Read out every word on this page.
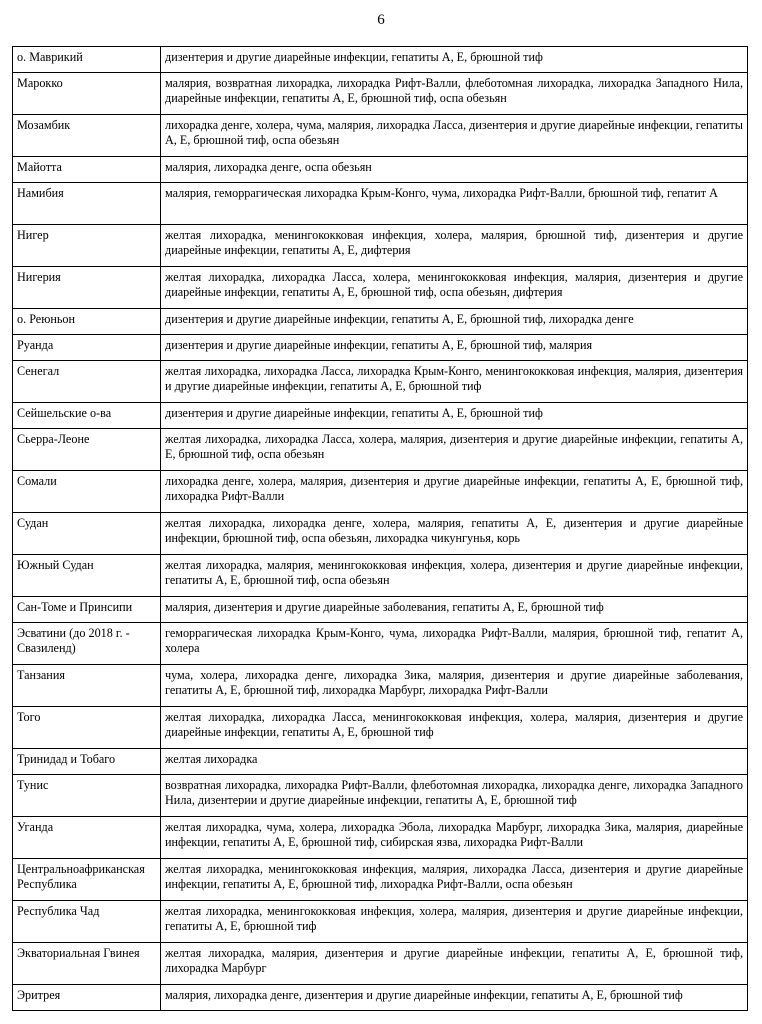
6
о. Маврикий	дизентерия и другие диарейные инфекции, гепатиты А, Е, брюшной тиф
Марокко	малярия, возвратная лихорадка, лихорадка Рифт-Валли, флеботомная лихорадка, лихорадка Западного Нила, диарейные инфекции, гепатиты А, Е, брюшной тиф, оспа обезьян
Мозамбик	лихорадка денге, холера, чума, малярия, лихорадка Ласса, дизентерия и другие диарейные инфекции, гепатиты А, Е, брюшной тиф, оспа обезьян
Майотта	малярия, лихорадка денге, оспа обезьян
Намибия	малярия, геморрагическая лихорадка Крым-Конго, чума, лихорадка Рифт-Валли, брюшной тиф, гепатит А
Нигер	желтая лихорадка, менингококковая инфекция, холера, малярия, брюшной тиф, дизентерия и другие диарейные инфекции, гепатиты А, Е, дифтерия
Нигерия	желтая лихорадка, лихорадка Ласса, холера, менингококковая инфекция, малярия, дизентерия и другие диарейные инфекции, гепатиты А, Е, брюшной тиф, оспа обезьян, дифтерия
о. Реюньон	дизентерия и другие диарейные инфекции, гепатиты А, Е, брюшной тиф, лихорадка денге
Руанда	дизентерия и другие диарейные инфекции, гепатиты А, Е, брюшной тиф, малярия
Сенегал	желтая лихорадка, лихорадка Ласса, лихорадка Крым-Конго, менингококковая инфекция, малярия, дизентерия и другие диарейные инфекции, гепатиты А, Е, брюшной тиф
Сейшельские о-ва	дизентерия и другие диарейные инфекции, гепатиты А, Е, брюшной тиф
Сьерра-Леоне	желтая лихорадка, лихорадка Ласса, холера, малярия, дизентерия и другие диарейные инфекции, гепатиты А, Е, брюшной тиф, оспа обезьян
Сомали	лихорадка денге, холера, малярия, дизентерия и другие диарейные инфекции, гепатиты А, Е, брюшной тиф, лихорадка Рифт-Валли
Судан	желтая лихорадка, лихорадка денге, холера, малярия, гепатиты А, Е, дизентерия и другие диарейные инфекции, брюшной тиф, оспа обезьян, лихорадка чикунгунья, корь
Южный Судан	желтая лихорадка, малярия, менингококковая инфекция, холера, дизентерия и другие диарейные инфекции, гепатиты А, Е, брюшной тиф, оспа обезьян
Сан-Томе и Принсипи	малярия, дизентерия и другие диарейные заболевания, гепатиты А, Е, брюшной тиф
Эсватини (до 2018 г. - Свазиленд)	геморрагическая лихорадка Крым-Конго, чума, лихорадка Рифт-Валли, малярия, брюшной тиф, гепатит А, холера
Танзания	чума, холера, лихорадка денге, лихорадка Зика, малярия, дизентерия и другие диарейные заболевания, гепатиты А, Е, брюшной тиф, лихорадка Марбург, лихорадка Рифт-Валли
Того	желтая лихорадка, лихорадка Ласса, менингококковая инфекция, холера, малярия, дизентерия и другие диарейные инфекции, гепатиты А, Е, брюшной тиф
Тринидад и Тобаго	желтая лихорадка
Тунис	возвратная лихорадка, лихорадка Рифт-Валли, флеботомная лихорадка, лихорадка денге, лихорадка Западного Нила, дизентерии и другие диарейные инфекции, гепатиты А, Е, брюшной тиф
Уганда	желтая лихорадка, чума, холера, лихорадка Эбола, лихорадка Марбург, лихорадка Зика, малярия, диарейные инфекции, гепатиты А, Е, брюшной тиф, сибирская язва, лихорадка Рифт-Валли
Центральноафриканская Республика	желтая лихорадка, менингококковая инфекция, малярия, лихорадка Ласса, дизентерия и другие диарейные инфекции, гепатиты А, Е, брюшной тиф, лихорадка Рифт-Валли, оспа обезьян
Республика Чад	желтая лихорадка, менингококковая инфекция, холера, малярия, дизентерия и другие диарейные инфекции, гепатиты А, Е, брюшной тиф
Экваториальная Гвинея	желтая лихорадка, малярия, дизентерия и другие диарейные инфекции, гепатиты А, Е, брюшной тиф, лихорадка Марбург
Эритрея	малярия, лихорадка денге, дизентерия и другие диарейные инфекции, гепатиты А, Е, брюшной тиф
